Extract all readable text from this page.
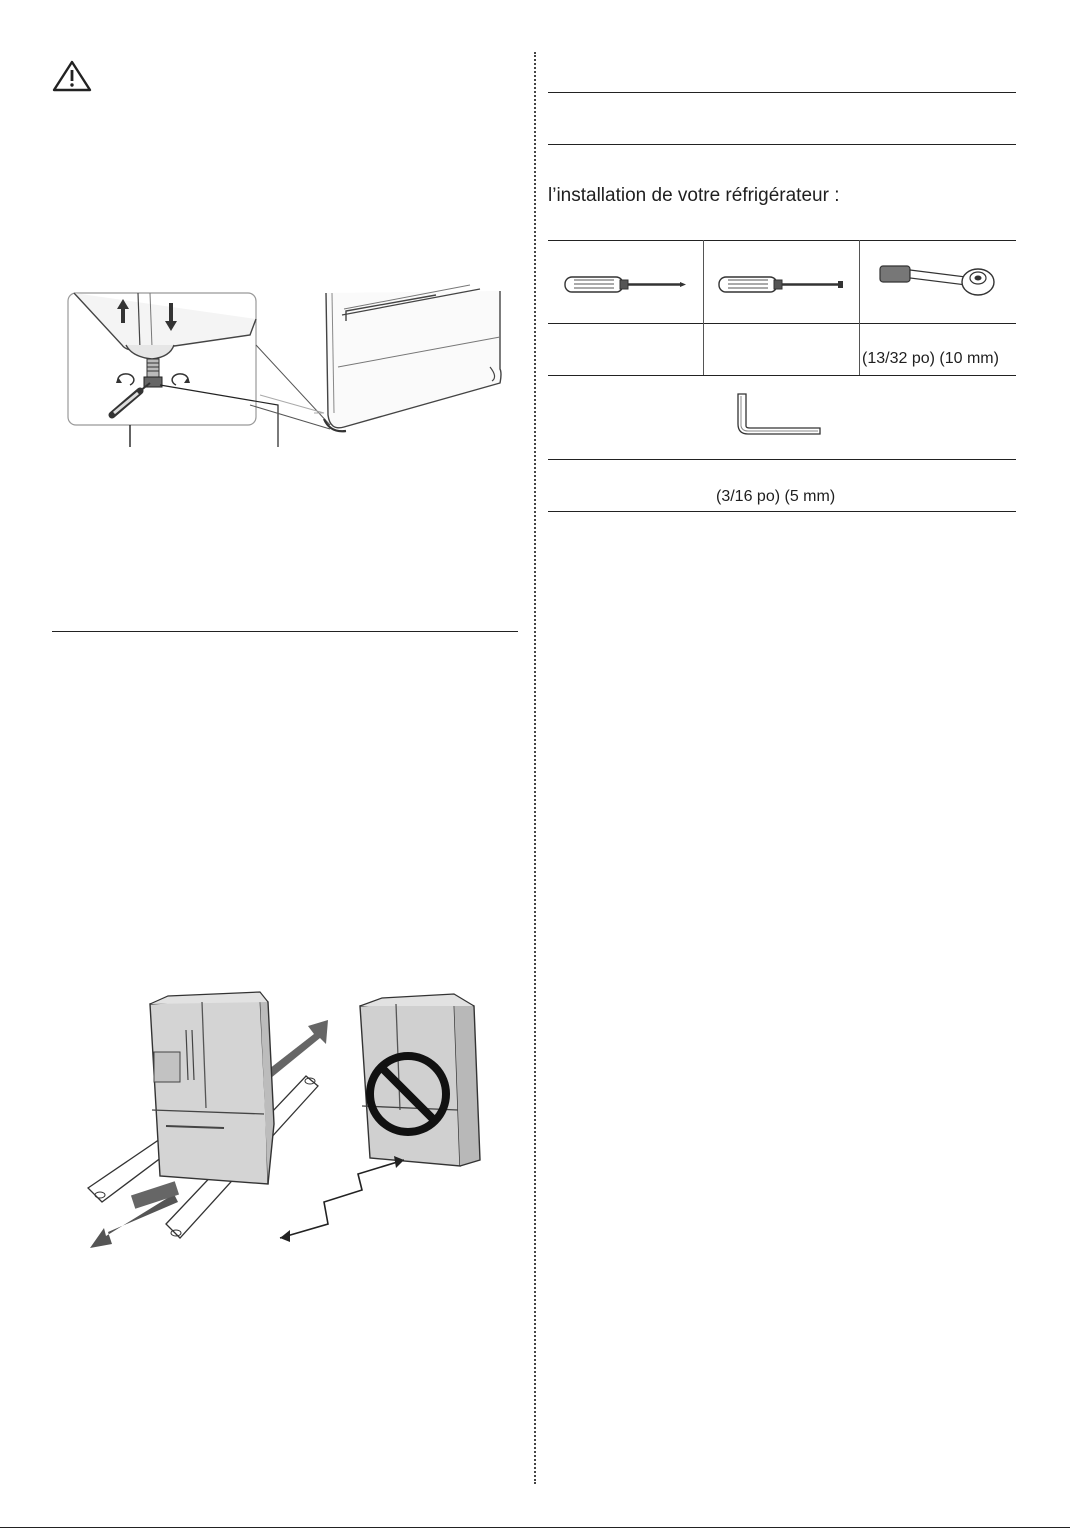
l’installation de votre réfrigérateur :
(13/32 po) (10 mm)
(3/16 po) (5 mm)
